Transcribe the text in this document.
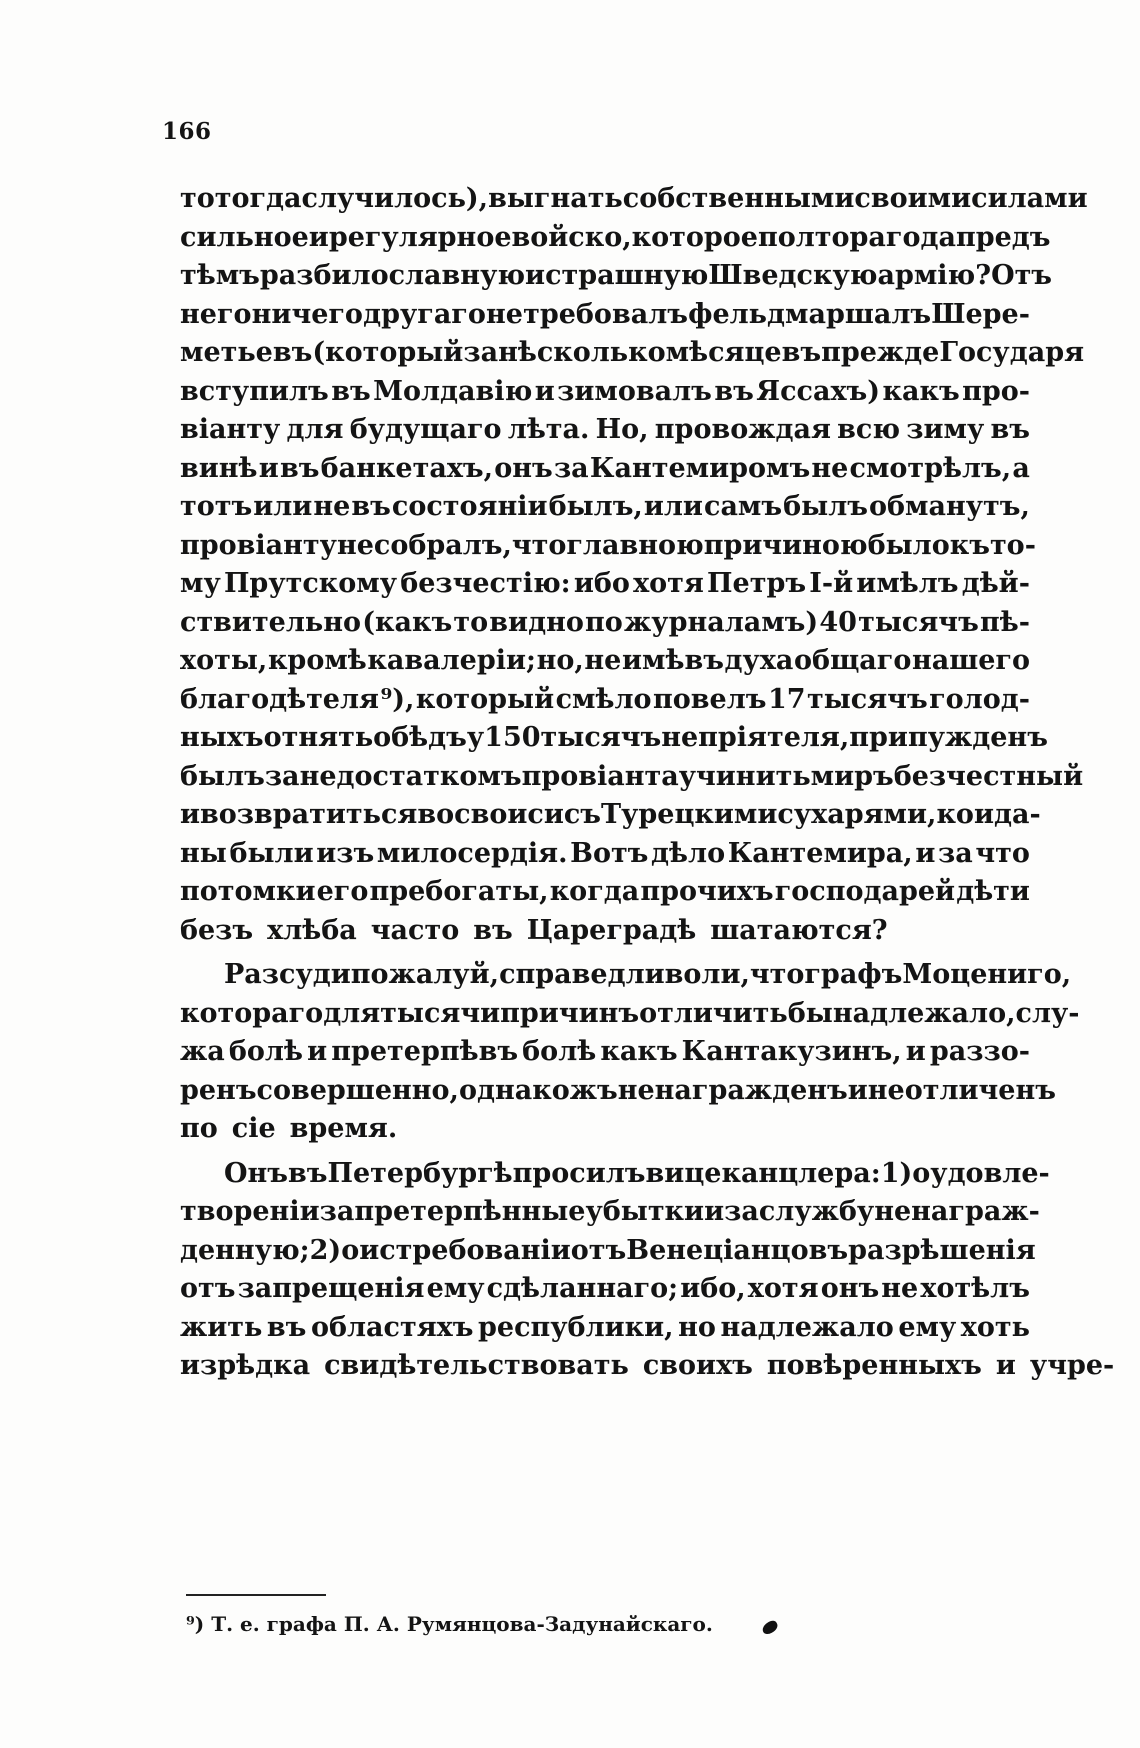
166
то тогда случилось), выгнать собственными своими силами
сильное и регулярное войско, которое полтора года предъ
тѣмъ разбило славную и страшную Шведскую армію? Отъ
него ничего другаго не требовалъ фельдмаршалъ Шере-
метьевъ (который за нѣсколько мѣсяцевъ прежде Государя
вступилъ въ Молдавію и зимовалъ въ Яссахъ) какъ про-
віанту для будущаго лѣта. Но, провождая всю зиму въ
винѣ и въ банкетахъ, онъ за Кантемиромъ не смотрѣлъ, а
тотъ или не въ состояніи былъ, или самъ былъ обманутъ,
провіанту не собралъ, что главною причиною было къ то-
му Прутскому безчестію: ибо хотя Петръ I-й имѣлъ дѣй-
ствительно (какъ то видно по журналамъ) 40 тысячъ пѣ-
хоты, кромѣ кавалеріи; но, не имѣвъ духа общаго нашего
благодѣтеля ⁹), который смѣло повелъ 17 тысячъ голод-
ныхъ отнять обѣдъ у 150 тысячъ непріятеля, припужденъ
былъ за недостаткомъ провіанта учинить миръ безчестный
и возвратиться во своиси съ Турецкими сухарями, кои да-
ны были изъ милосердія. Вотъ дѣло Кантемира, и за что
потомки его пребогаты, когда прочихъ господарей дѣти
безъ хлѣба часто въ Цареградѣ шатаются?
Разсуди пожалуй, справедливо ли, что графъ Моцениго,
котораго для тысячи причинъ отличить бы надлежало, слу-
жа болѣ и претерпѣвъ болѣ какъ Кантакузинъ, и раззо-
ренъ совершенно, однакожъ не награжденъ и не отличенъ
по сіе время.
Онъ въ Петербургѣ просилъ вицеканцлера: 1) о удовле-
твореніи за претерпѣнные убытки и за службу не награж-
денную; 2) о истребованіи отъ Венеціанцовъ разрѣшенія
отъ запрещенія ему сдѣланнаго; ибо, хотя онъ не хотѣлъ
жить въ областяхъ республики, но надлежало ему хоть
изрѣдка свидѣтельствовать своихъ повѣренныхъ и учре-
⁹) Т. е. графа П. А. Румянцова-Задунайскаго.
